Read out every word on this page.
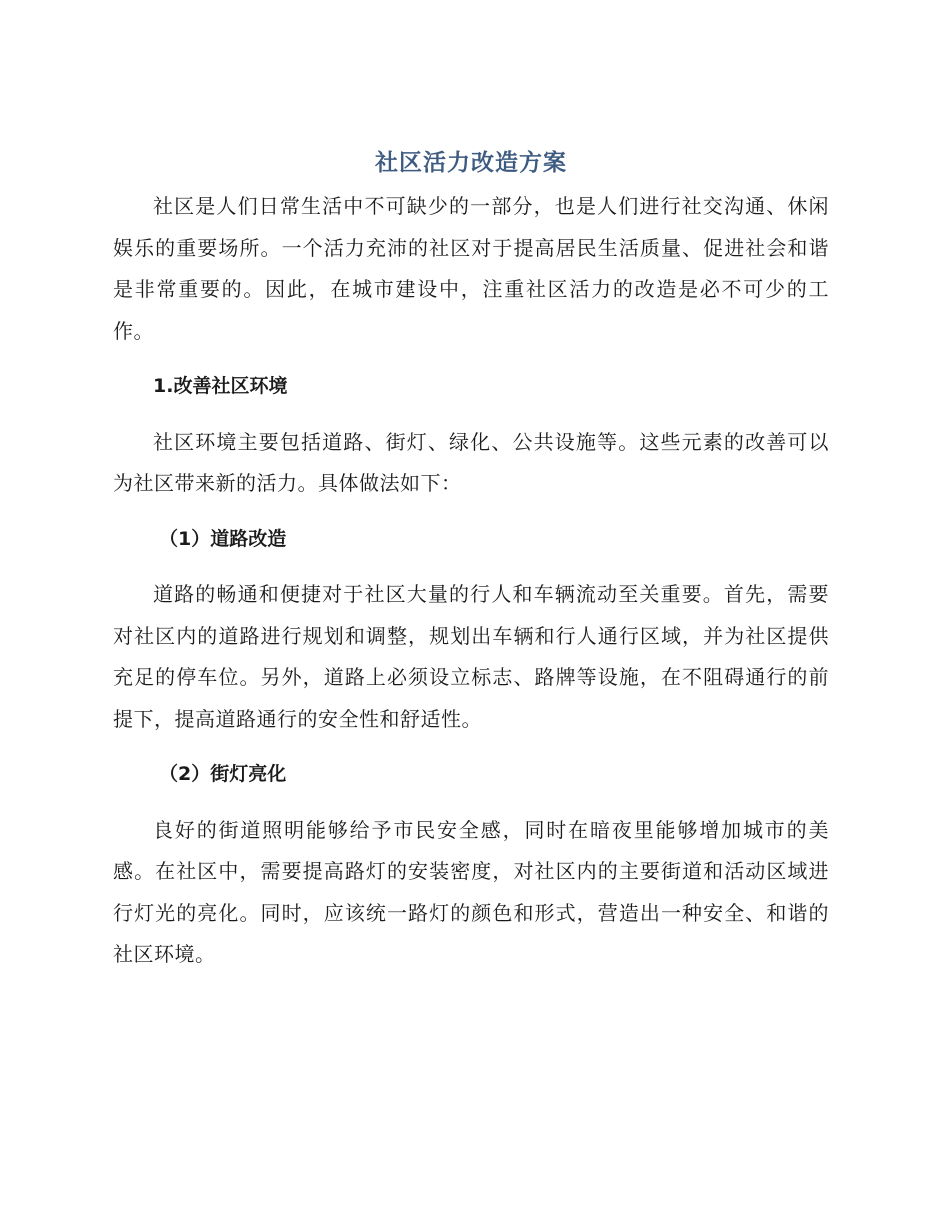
社区活力改造方案

社区是人们日常生活中不可缺少的一部分，也是人们进行社交沟通、休闲娱乐的重要场所。一个活力充沛的社区对于提高居民生活质量、促进社会和谐是非常重要的。因此，在城市建设中，注重社区活力的改造是必不可少的工作。

1.改善社区环境

社区环境主要包括道路、街灯、绿化、公共设施等。这些元素的改善可以为社区带来新的活力。具体做法如下：

（1）道路改造

道路的畅通和便捷对于社区大量的行人和车辆流动至关重要。首先，需要对社区内的道路进行规划和调整，规划出车辆和行人通行区域，并为社区提供充足的停车位。另外，道路上必须设立标志、路牌等设施，在不阻碍通行的前提下，提高道路通行的安全性和舒适性。

（2）街灯亮化

良好的街道照明能够给予市民安全感，同时在暗夜里能够增加城市的美感。在社区中，需要提高路灯的安装密度，对社区内的主要街道和活动区域进行灯光的亮化。同时，应该统一路灯的颜色和形式，营造出一种安全、和谐的社区环境。
